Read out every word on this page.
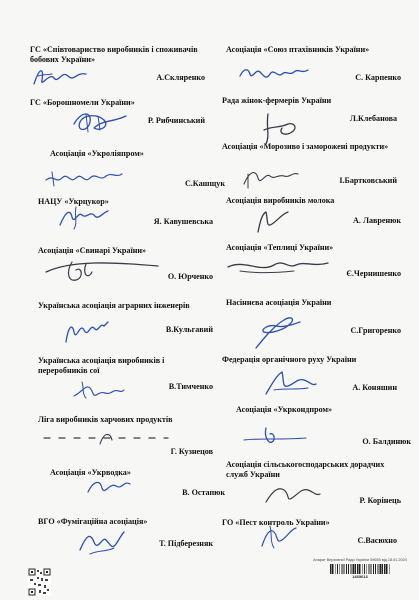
ГС «Співтовариство виробників і споживачів бобових України»
А.Скляренко
ГС «Борошномели України»
Р. Рибчинський
Асоціація «Укроліяпром»
С.Кашщук
НАЦУ «Укрцукор»
Я. Кавушевська
Асоціація «Свинарі України»
О. Юрченко
Українська асоціація аграрних інженерів
В.Кульгавий
Українська асоціація виробників і переробників сої
В.Тимченко
Ліга виробників харчових продуктів
Г. Кузнецов
Асоціація «Укрводка»
В. Остапюк
ВГО «Фумігаційна асоціація»
Т. Підберезняк
Асоціація «Союз птахівників України»
С. Карпенко
Рада жінок-фермерів України
Л.Клебанова
Асоціація «Морозиво і заморожені продукти»
І.Бартковський
Асоціація виробників молока
А. Лавренюк
Асоціація «Теплиці України»
Є.Чернишенко
Насіннєва асоціація України
С.Григоренко
Федерація органічного руху України
А. Коняшин
Асоціація «Укркондпром»
О. Балдинюк
Асоціація сільськогосподарських дорадчих служб України
Р. Корінець
ГО «Пест контроль України»
С.Васюхно
Апарат Верховної Ради України 59655 від 18.01.2024
1465613
